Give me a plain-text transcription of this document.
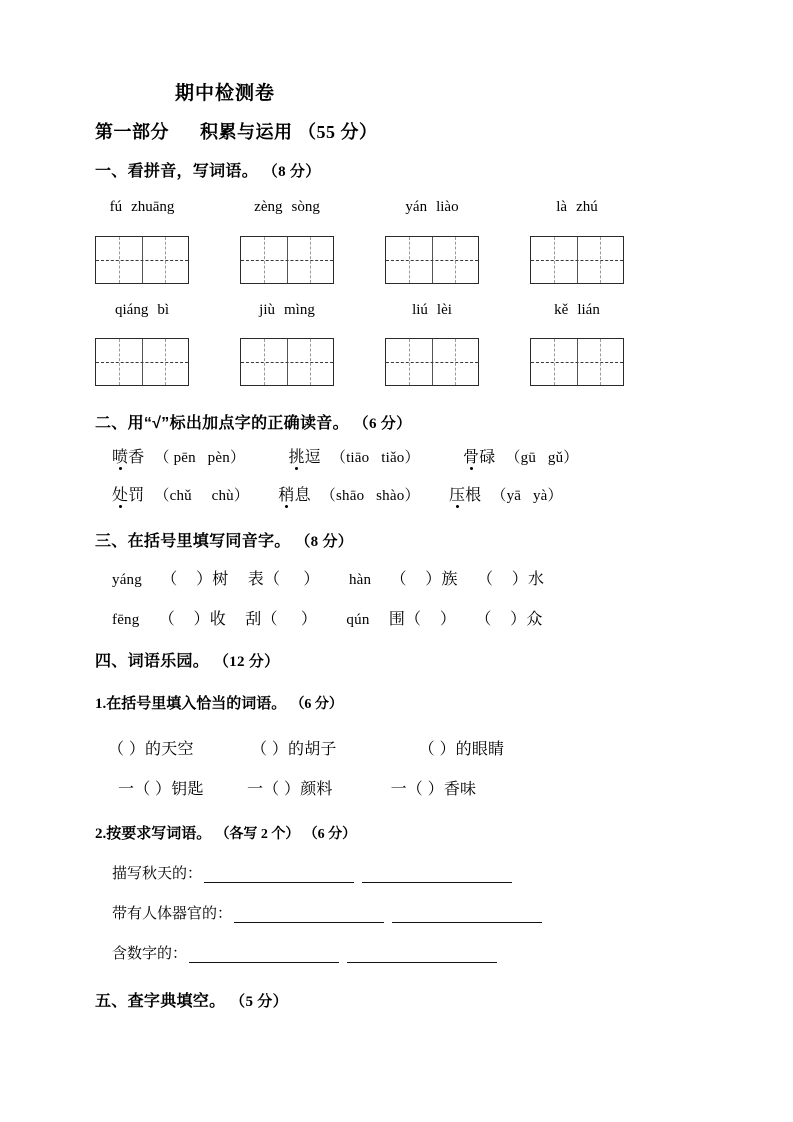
期中检测卷
第一部分 积累与运用 （55 分）
一、看拼音，写词语。 （8 分）
fú zhuāng	zèng sòng	yán liào	là zhú
qiáng bì	jiù mìng	liú lèi	kě lián
二、用“√”标出加点字的正确读音。 （6 分）
喷香 （ pēn   pèn）	挑逗 （tiāo   tiǎo）	骨碌 （gū   gǔ）
处罚 （chǔ     chù） 稍息 （shāo   shào） 压根 （yā   yà）
三、在括号里填写同音字。 （8 分）
yáng （    ）树 表（     ） hàn （    ）族 （    ）水
fēng （    ）收 刮（     ） qún 围（    ） （    ）众
四、词语乐园。 （12 分）
1.在括号里填入恰当的词语。 （6 分）
（ ）的天空	（ ）的胡子	（ ）的眼睛
一（ ）钥匙	一（ ）颜料	一（ ）香味
2.按要求写词语。 （各写 2 个） （6 分）
描写秋天的：
带有人体器官的：
含数字的：
五、查字典填空。 （5 分）
